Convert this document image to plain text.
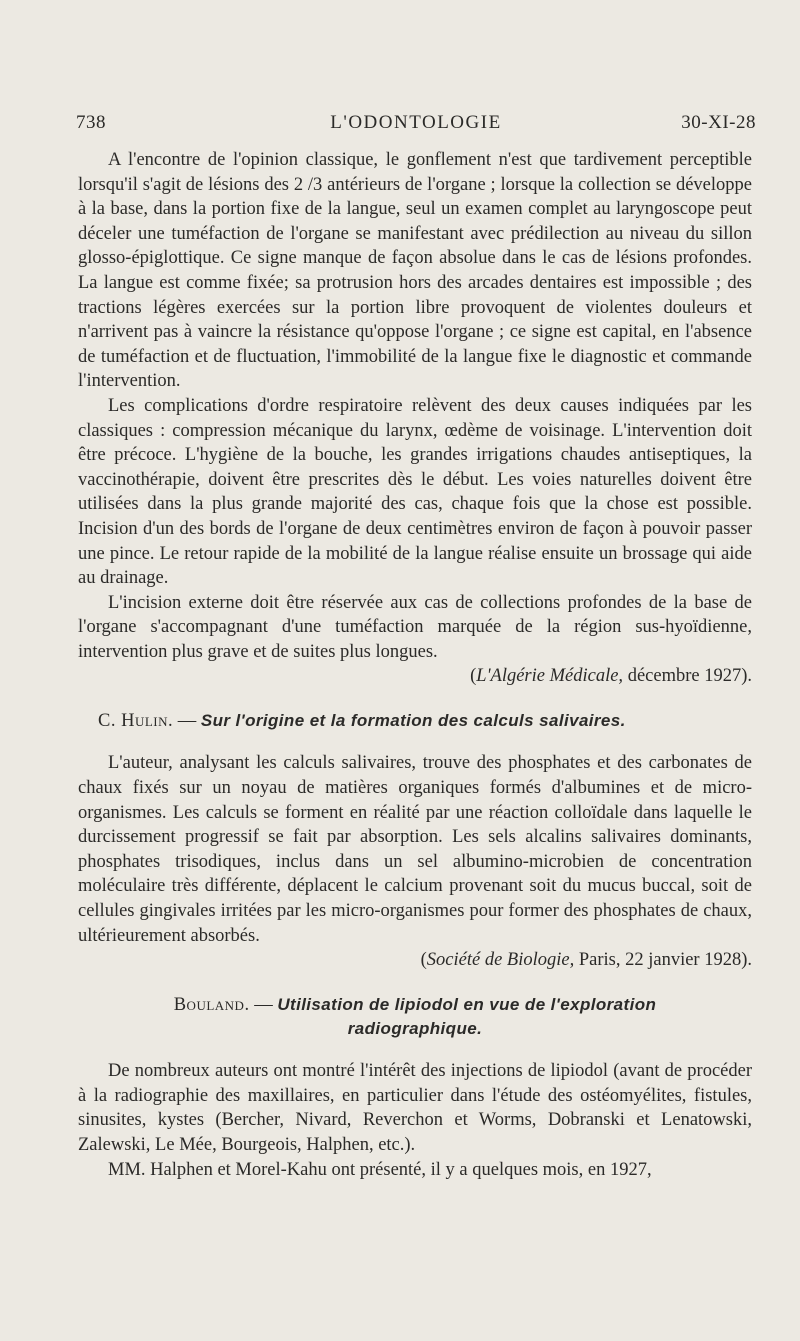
738	L'ODONTOLOGIE	30-XI-28

A l'encontre de l'opinion classique, le gonflement n'est que tardivement perceptible lorsqu'il s'agit de lésions des 2 /3 antérieurs de l'organe ; lorsque la collection se développe à la base, dans la portion fixe de la langue, seul un examen complet au laryngoscope peut déceler une tuméfaction de l'organe se manifestant avec prédilection au niveau du sillon glosso-épiglottique. Ce signe manque de façon absolue dans le cas de lésions profondes. La langue est comme fixée; sa protrusion hors des arcades dentaires est impossible ; des tractions légères exercées sur la portion libre provoquent de violentes douleurs et n'arrivent pas à vaincre la résistance qu'oppose l'organe ; ce signe est capital, en l'absence de tuméfaction et de fluctuation, l'immobilité de la langue fixe le diagnostic et commande l'intervention.

Les complications d'ordre respiratoire relèvent des deux causes indiquées par les classiques : compression mécanique du larynx, œdème de voisinage. L'intervention doit être précoce. L'hygiène de la bouche, les grandes irrigations chaudes antiseptiques, la vaccinothérapie, doivent être prescrites dès le début. Les voies naturelles doivent être utilisées dans la plus grande majorité des cas, chaque fois que la chose est possible. Incision d'un des bords de l'organe de deux centimètres environ de façon à pouvoir passer une pince. Le retour rapide de la mobilité de la langue réalise ensuite un brossage qui aide au drainage.

L'incision externe doit être réservée aux cas de collections profondes de la base de l'organe s'accompagnant d'une tuméfaction marquée de la région sus-hyoïdienne, intervention plus grave et de suites plus longues.

(L'Algérie Médicale, décembre 1927).
C. Hulin. — Sur l'origine et la formation des calculs salivaires.

L'auteur, analysant les calculs salivaires, trouve des phosphates et des carbonates de chaux fixés sur un noyau de matières organiques formés d'albumines et de micro-organismes. Les calculs se forment en réalité par une réaction colloïdale dans laquelle le durcissement progressif se fait par absorption. Les sels alcalins salivaires dominants, phosphates trisodiques, inclus dans un sel albumino-microbien de concentration moléculaire très différente, déplacent le calcium provenant soit du mucus buccal, soit de cellules gingivales irritées par les micro-organismes pour former des phosphates de chaux, ultérieurement absorbés.

(Société de Biologie, Paris, 22 janvier 1928).
Bouland. — Utilisation de lipiodol en vue de l'exploration
radiographique.

De nombreux auteurs ont montré l'intérêt des injections de lipiodol (avant de procéder à la radiographie des maxillaires, en particulier dans l'étude des ostéomyélites, fistules, sinusites, kystes (Bercher, Nivard, Reverchon et Worms, Dobranski et Lenatowski, Zalewski, Le Mée, Bourgeois, Halphen, etc.).

MM. Halphen et Morel-Kahu ont présenté, il y a quelques mois, en 1927,
